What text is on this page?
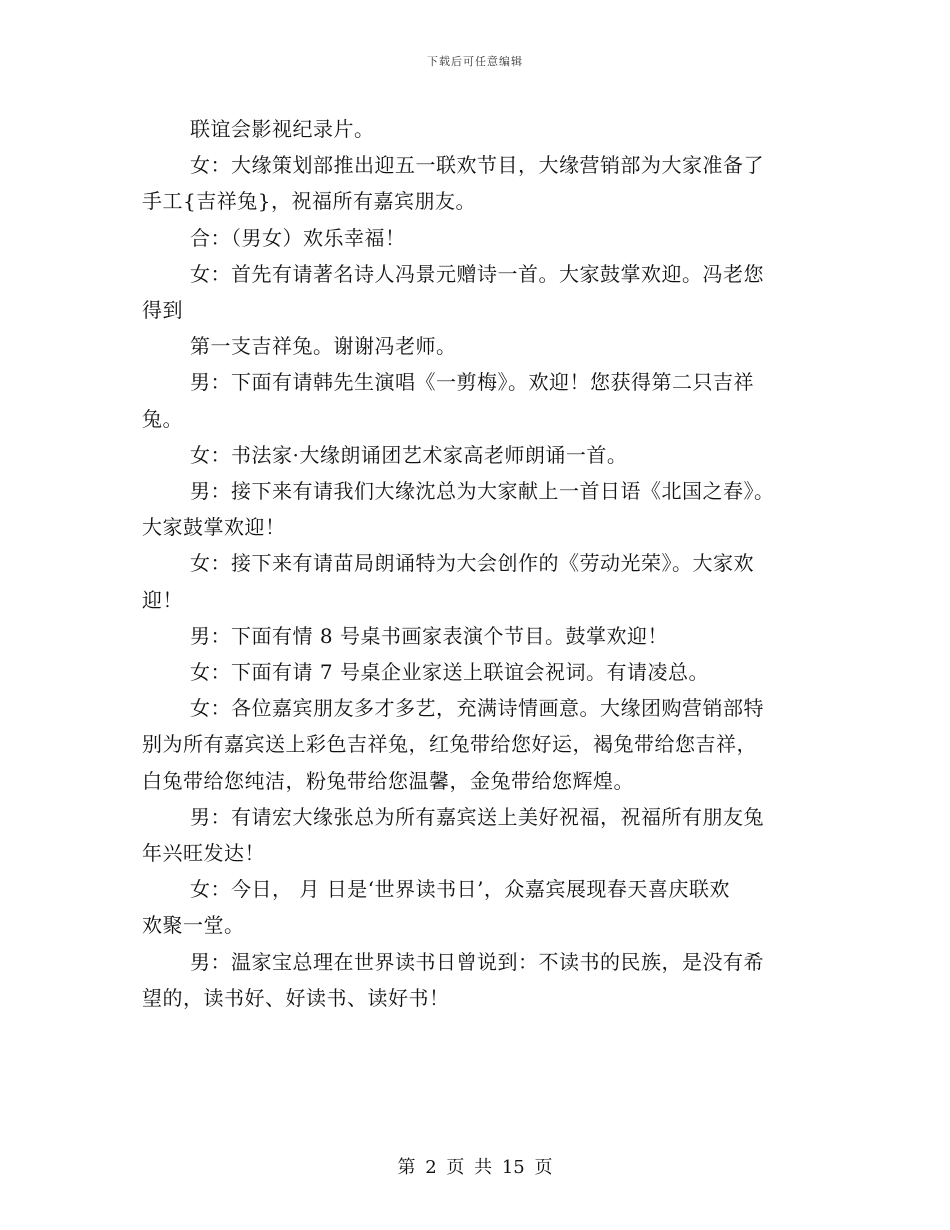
下载后可任意编辑

联谊会影视纪录片。

女：大缘策划部推出迎五一联欢节目，大缘营销部为大家准备了

手工{吉祥兔}，祝福所有嘉宾朋友。

合：（男女）欢乐幸福！

女：首先有请著名诗人冯景元赠诗一首。大家鼓掌欢迎。冯老您

得到

第一支吉祥兔。谢谢冯老师。

男：下面有请韩先生演唱《一剪梅》。欢迎！您获得第二只吉祥

兔。

女：书法家·大缘朗诵团艺术家高老师朗诵一首。

男：接下来有请我们大缘沈总为大家献上一首日语《北国之春》。

大家鼓掌欢迎！

女：接下来有请苗局朗诵特为大会创作的《劳动光荣》。大家欢

迎！

男：下面有情 8 号桌书画家表演个节目。鼓掌欢迎！

女：下面有请 7 号桌企业家送上联谊会祝词。有请凌总。

女：各位嘉宾朋友多才多艺，充满诗情画意。大缘团购营销部特

别为所有嘉宾送上彩色吉祥兔，红兔带给您好运，褐兔带给您吉祥，

白兔带给您纯洁，粉兔带给您温馨，金兔带给您辉煌。

男：有请宏大缘张总为所有嘉宾送上美好祝福，祝福所有朋友兔

年兴旺发达！

女：今日， 月 日是‘世界读书日’，众嘉宾展现春天喜庆联欢

欢聚一堂。

男：温家宝总理在世界读书日曾说到：不读书的民族，是没有希

望的，读书好、好读书、读好书！

第 2 页 共 15 页
